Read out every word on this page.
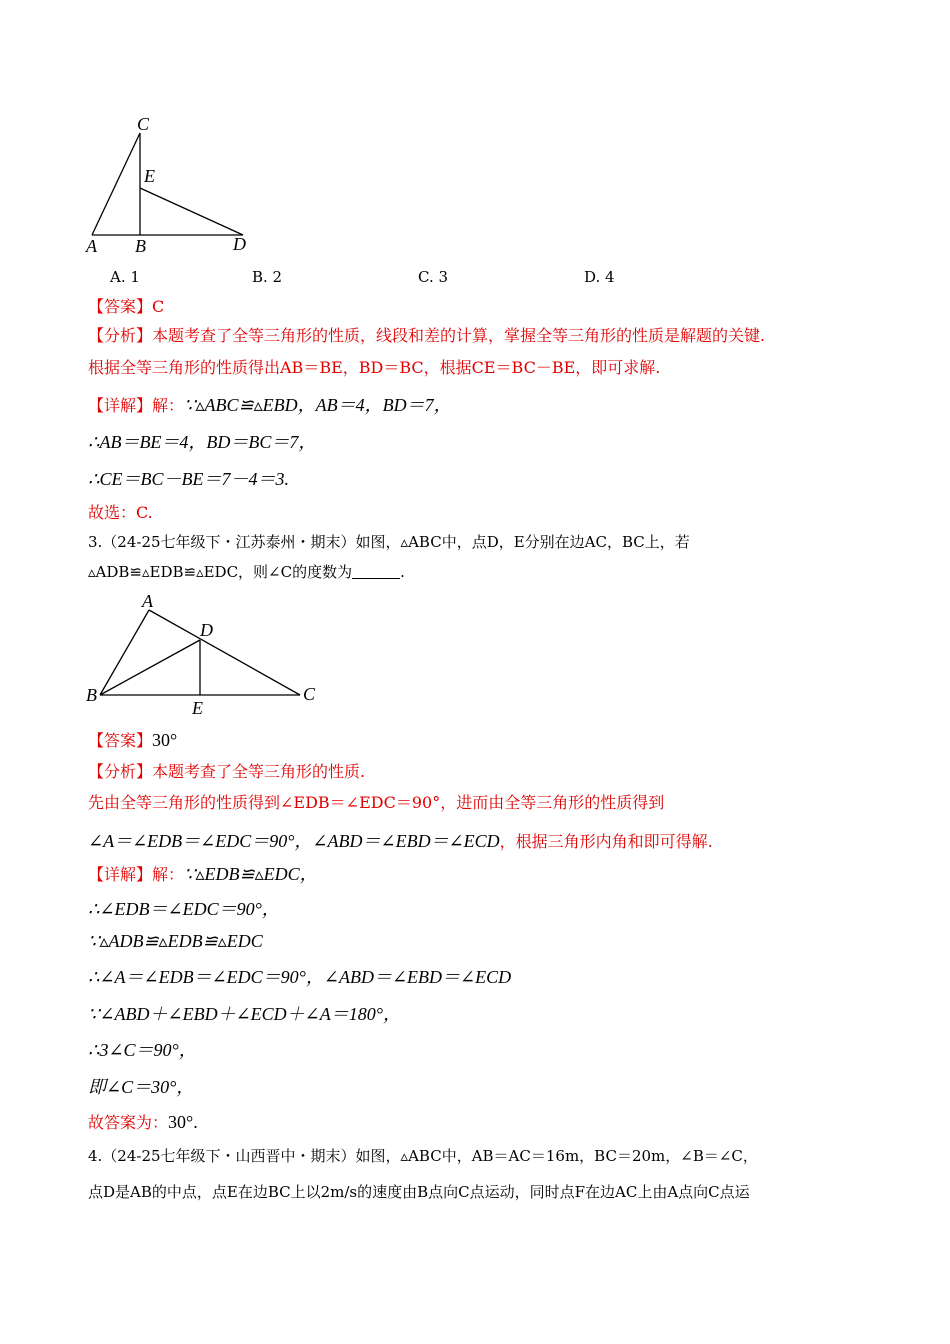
C
E
A B	D
A. 1	B. 2	C. 3	D. 4
【答案】C
【分析】本题考查了全等三角形的性质，线段和差的计算，掌握全等三角形的性质是解题的关键.
根据全等三角形的性质得出AB＝BE，BD＝BC，根据CE＝BC－BE，即可求解.
【详解】解：∵▵ABC≌▵EBD，AB＝4，BD＝7，
∴AB＝BE＝4，BD＝BC＝7，
∴CE＝BC－BE＝7－4＝3.
故选：C.
3.（24-25七年级下・江苏泰州・期末）如图，▵ABC中，点D，E分别在边AC，BC上，若
▵ADB≌▵EDB≌▵EDC，则∠C的度数为	.
A
D
B
E
C
【答案】30°
【分析】本题考查了全等三角形的性质.
先由全等三角形的性质得到∠EDB＝∠EDC＝90°，进而由全等三角形的性质得到
∠A＝∠EDB＝∠EDC＝90°，∠ABD＝∠EBD＝∠ECD，根据三角形内角和即可得解.
【详解】解：∵▵EDB≌▵EDC，
∴∠EDB＝∠EDC＝90°，
∵▵ADB≌▵EDB≌▵EDC
∴∠A＝∠EDB＝∠EDC＝90°，∠ABD＝∠EBD＝∠ECD
∵∠ABD＋∠EBD＋∠ECD＋∠A＝180°，
∴3∠C＝90°，
即∠C＝30°，
故答案为：30°.
4.（24-25七年级下・山西晋中・期末）如图，▵ABC中，AB＝AC＝16m，BC＝20m，∠B＝∠C，
点D是AB的中点，点E在边BC上以2m/s的速度由B点向C点运动，同时点F在边AC上由A点向C点运
